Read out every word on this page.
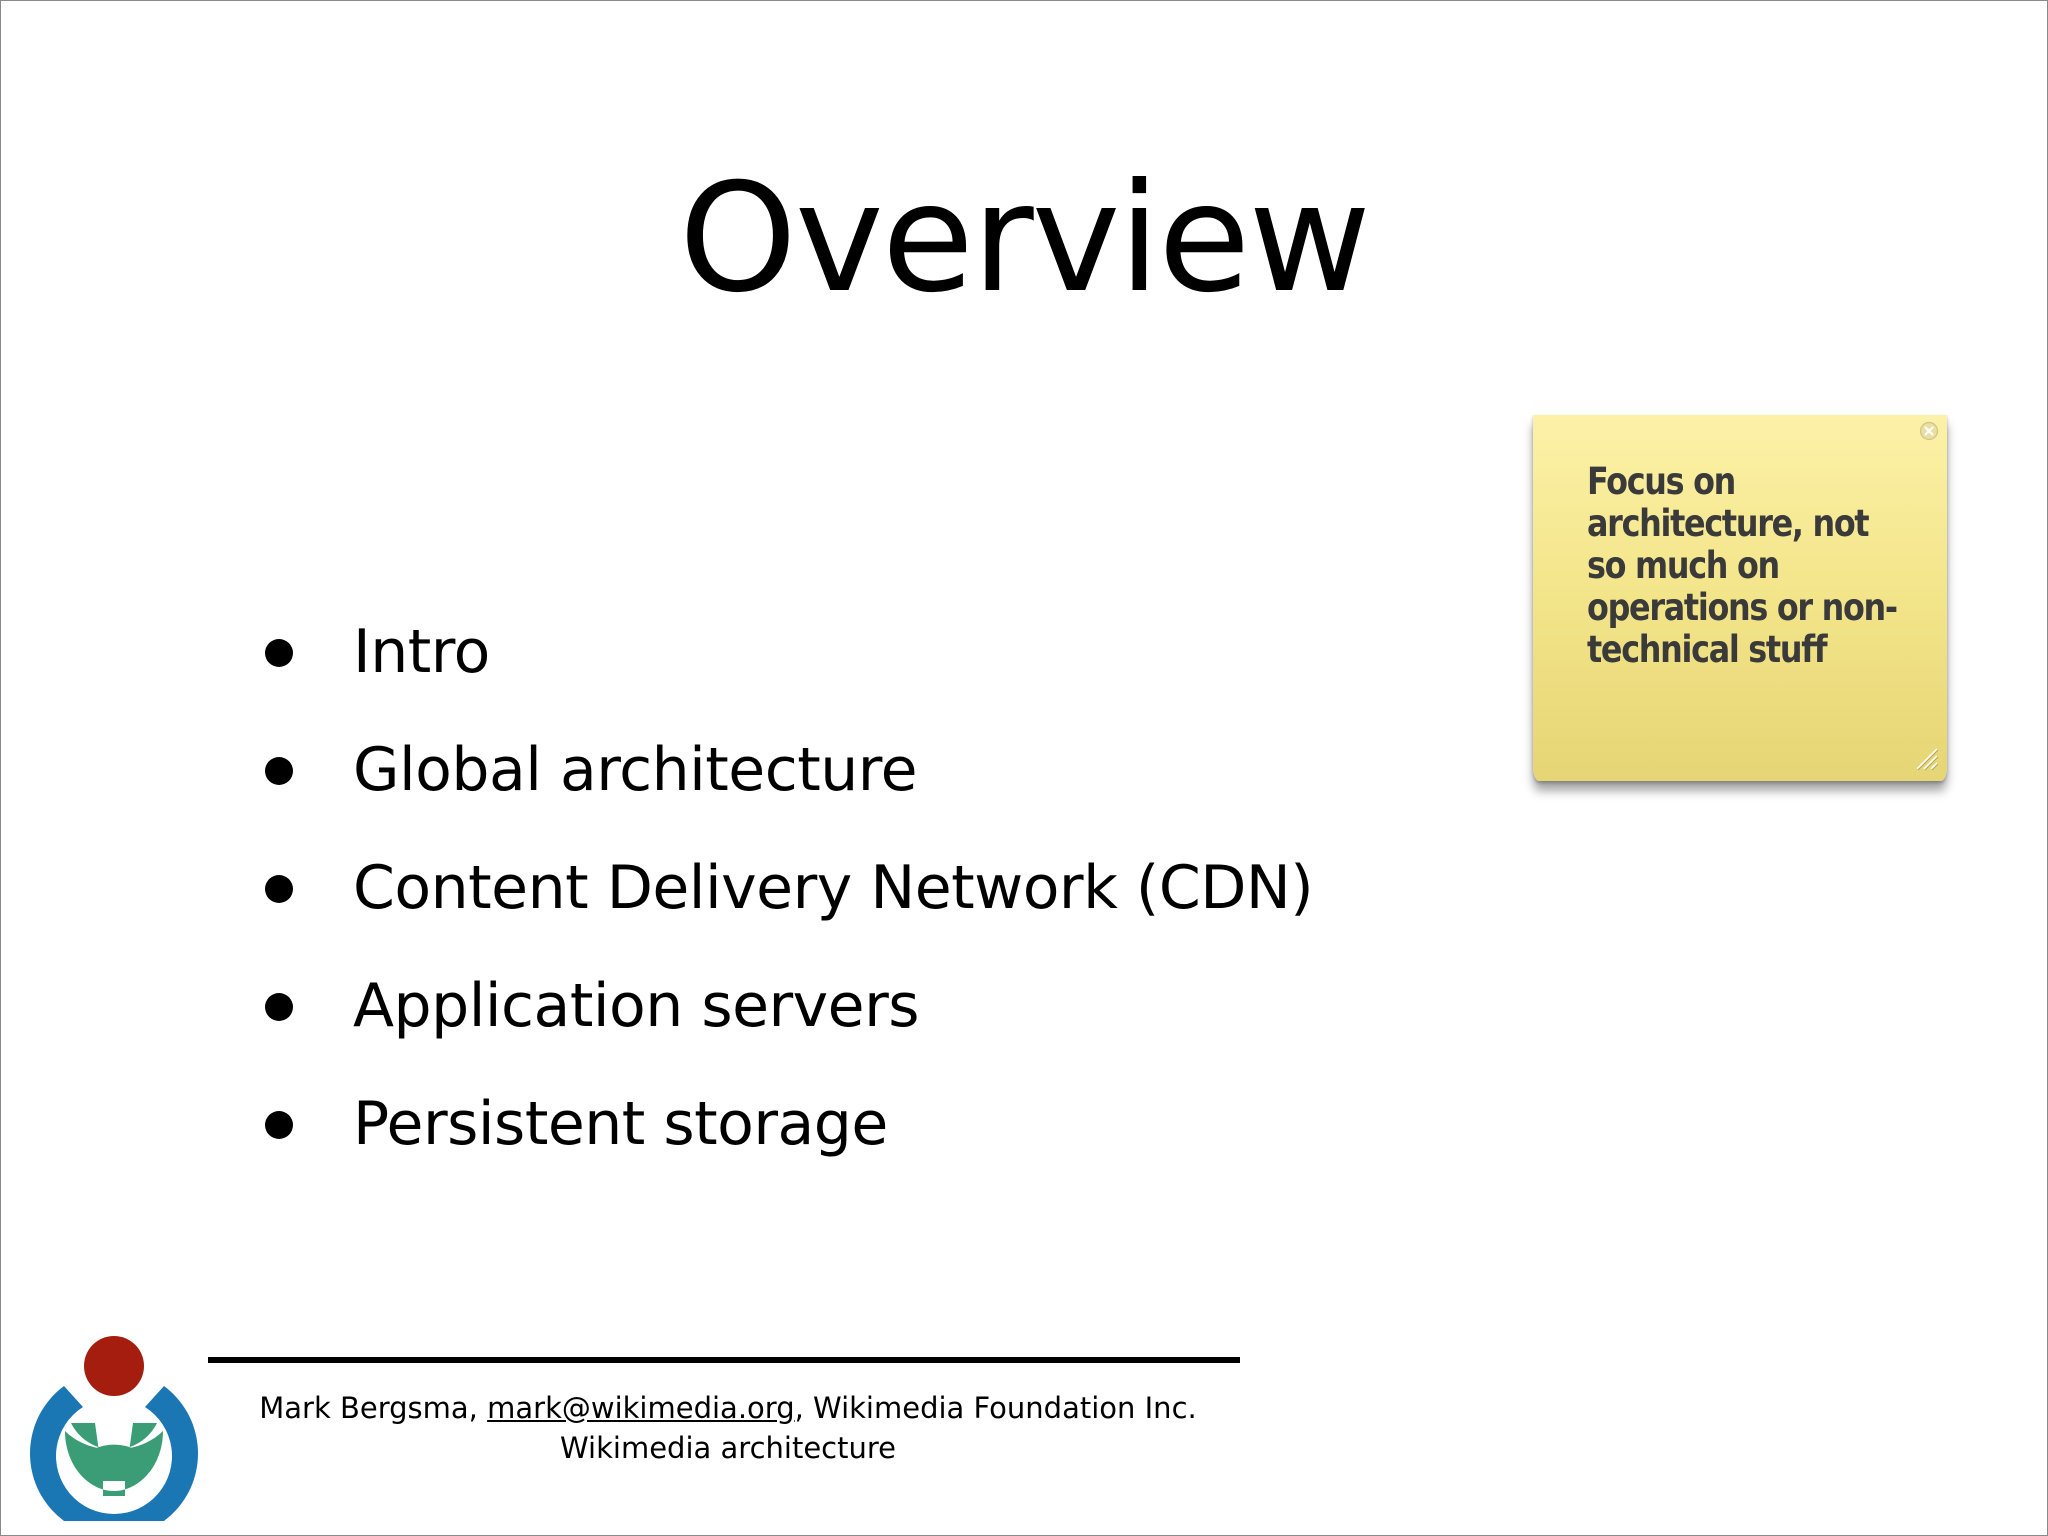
Overview
Intro
Global architecture
Content Delivery Network (CDN)
Application servers
Persistent storage
Focus on
architecture, not
so much on
operations or non-
technical stuff
Mark Bergsma, mark@wikimedia.org, Wikimedia Foundation Inc.
Wikimedia architecture
